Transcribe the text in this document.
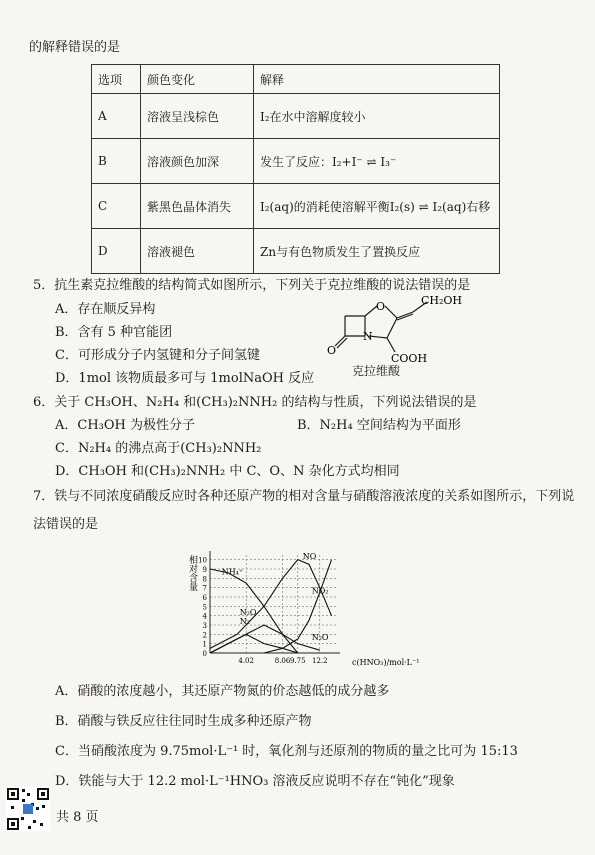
的解释错误的是
选项	颜色变化	解释
A	溶液呈浅棕色	I₂在水中溶解度较小
B	溶液颜色加深	发生了反应：I₂+I⁻ ⇌ I₃⁻
C	紫黑色晶体消失	I₂(aq)的消耗使溶解平衡I₂(s) ⇌ I₂(aq)右移
D	溶液褪色	Zn与有色物质发生了置换反应
5．抗生素克拉维酸的结构简式如图所示，下列关于克拉维酸的说法错误的是
A．存在顺反异构
B．含有 5 种官能团
C．可形成分子内氢键和分子间氢键
D．1mol 该物质最多可与 1molNaOH 反应
O
N
O
CH₂OH
COOH
克拉维酸
6．关于 CH₃OH、N₂H₄ 和(CH₃)₂NNH₂ 的结构与性质，下列说法错误的是
A．CH₃OH 为极性分子	B．N₂H₄ 空间结构为平面形
C．N₂H₄ 的沸点高于(CH₃)₂NNH₂
D．CH₃OH 和(CH₃)₂NNH₂ 中 C、O、N 杂化方式均相同
7．铁与不同浓度硝酸反应时各种还原产物的相对含量与硝酸溶液浓度的关系如图所示，下列说
法错误的是
相对含量
c(HNO₃)/mol·L⁻¹
0
1
2
3
4
5
6
7
8
9
10
4.02	8.06 9.75 12.2
NO
NO₂
NH₄⁺
N₂O
N₂
N₂O
A．硝酸的浓度越小，其还原产物氮的价态越低的成分越多
B．硝酸与铁反应往往同时生成多种还原产物
C．当硝酸浓度为 9.75mol·L⁻¹ 时，氧化剂与还原剂的物质的量之比可为 15:13
D．铁能与大于 12.2 mol·L⁻¹HNO₃ 溶液反应说明不存在“钝化”现象
共 8 页
